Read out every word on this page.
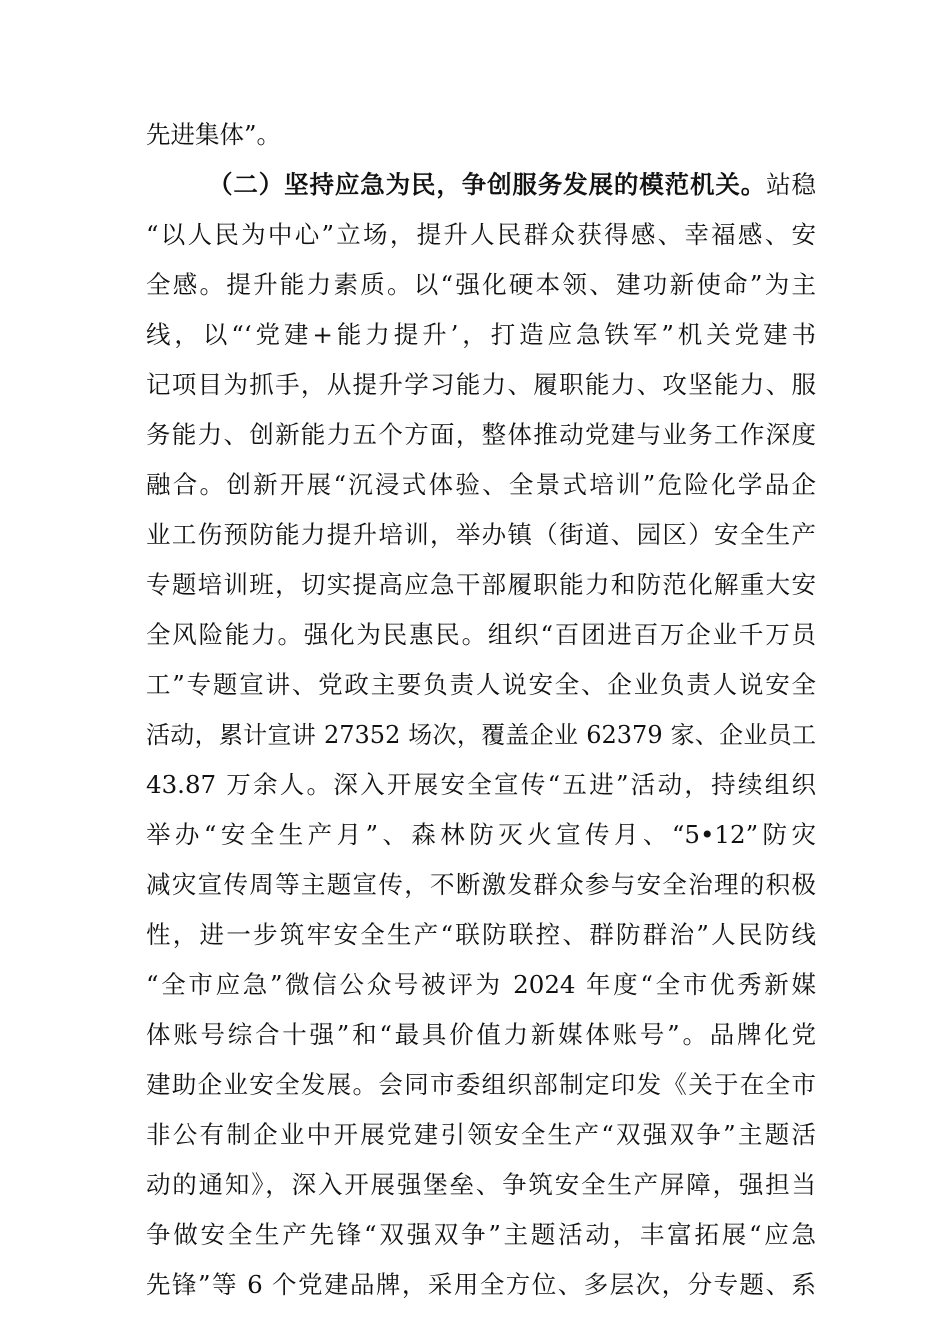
先进集体”。
（二）坚持应急为民，争创服务发展的模范机关。站稳
“以人民为中心”立场，提升人民群众获得感、幸福感、安
全感。提升能力素质。以“强化硬本领、建功新使命”为主
线，以“‘党建+能力提升’，打造应急铁军”机关党建书
记项目为抓手，从提升学习能力、履职能力、攻坚能力、服
务能力、创新能力五个方面，整体推动党建与业务工作深度
融合。创新开展“沉浸式体验、全景式培训”危险化学品企
业工伤预防能力提升培训，举办镇（街道、园区）安全生产
专题培训班，切实提高应急干部履职能力和防范化解重大安
全风险能力。强化为民惠民。组织“百团进百万企业千万员
工”专题宣讲、党政主要负责人说安全、企业负责人说安全
活动，累计宣讲 27352 场次，覆盖企业 62379 家、企业员工
43.87 万余人。深入开展安全宣传“五进”活动，持续组织
举办“安全生产月”、森林防灭火宣传月、“5•12”防灾
减灾宣传周等主题宣传，不断激发群众参与安全治理的积极
性，进一步筑牢安全生产“联防联控、群防群治”人民防线
“全市应急”微信公众号被评为 2024 年度“全市优秀新媒
体账号综合十强”和“最具价值力新媒体账号”。品牌化党
建助企业安全发展。会同市委组织部制定印发《关于在全市
非公有制企业中开展党建引领安全生产“双强双争”主题活
动的通知》，深入开展强堡垒、争筑安全生产屏障，强担当
争做安全生产先锋“双强双争”主题活动，丰富拓展“应急
先锋”等 6 个党建品牌，采用全方位、多层次，分专题、系
